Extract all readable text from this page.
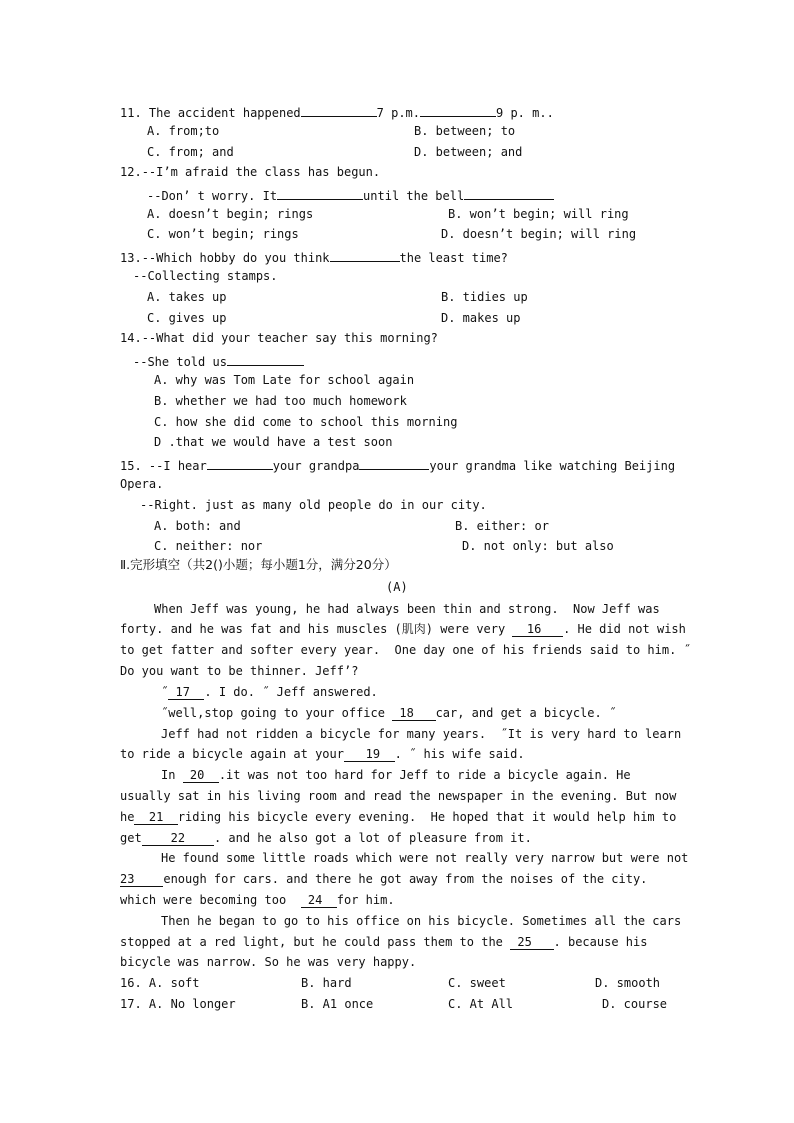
11. The accident happened	7 p.m.	9 p. m..
A. from;to	B. between; to
C. from; and	D. between; and
12.--I’m afraid the class has begun.
--Don’ t worry. It	until the bell
A. doesn’t begin; rings	B. won’t begin; will ring
C. won’t begin; rings	D. doesn’t begin; will ring
13.--Which hobby do you think	the least time?
--Collecting stamps.
A. takes up	B. tidies up
C. gives up	D. makes up
14.--What did your teacher say this morning?
--She told us
A. why was Tom Late for school again
B. whether we had too much homework
C. how she did come to school this morning
D .that we would have a test soon
15. --I hear	your grandpa	your grandma like watching Beijing
Opera.
--Right. just as many old people do in our city.
A. both: and	B. either: or
C. neither: nor	D. not only: but also
Ⅱ.完形填空（共2()小题；每小题1分，满分20分）
(A)
When Jeff was young, he had always been thin and strong.  Now Jeff was
forty. and he was fat and his muscles (肌肉) were very   16 . He did not wish
to get fatter and softer every year.  One day one of his friends said to him. ˝
Do you want to be thinner. Jeff’?
˝ 17 . I do. ˝ Jeff answered.
˝well,stop going to your office  18 car, and get a bicycle. ˝
Jeff had not ridden a bicycle for many years.  ˝It is very hard to learn
to ride a bicycle again at your 19 . ˝ his wife said.
In  20 .it was not too hard for Jeff to ride a bicycle again. He
usually sat in his living room and read the newspaper in the evening. But now
he 21 riding his bicycle every evening.  He hoped that it would help him to
get 22 . and he also got a lot of pleasure from it.
He found some little roads which were not really very narrow but were not
23 enough for cars. and there he got away from the noises of the city.
which were becoming too   24 for him.
Then he began to go to his office on his bicycle. Sometimes all the cars
stopped at a red light, but he could pass them to the  25 . because his
bicycle was narrow. So he was very happy.
16. A. soft	B. hard	C. sweet	D. smooth
17. A. No longer	B. A1 once	C. At All	D. course
